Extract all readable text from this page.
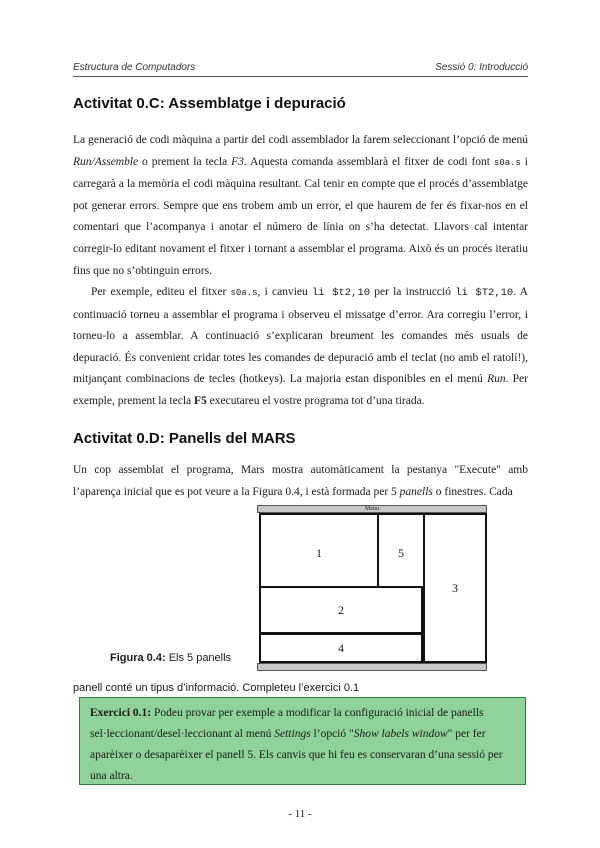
Estructura de Computadors	Sessió 0: Introducció
Activitat 0.C: Assemblatge i depuració

La generació de codi màquina a partir del codi assemblador la farem seleccionant l’opció de menú Run/Assemble o prement la tecla F3. Aquesta comanda assemblarà el fitxer de codi font s0a.s i carregarà a la memòria el codi màquina resultant. Cal tenir en compte que el procés d’assemblatge pot generar errors. Sempre que ens trobem amb un error, el que haurem de fer és fixar-nos en el comentari que l’acompanya i anotar el número de línia on s’ha detectat. Llavors cal intentar corregir-lo editant novament el fitxer i tornant a assemblar el programa. Això és un procés iteratiu fins que no s’obtinguin errors.

Per exemple, editeu el fitxer s0a.s, i canvieu li $t2,10 per la instrucció li $T2,10. A continuació torneu a assemblar el programa i observeu el missatge d’error. Ara corregiu l’error, i torneu-lo a assemblar. A continuació s’explicaran breument les comandes més usuals de depuració. És convenient cridar totes les comandes de depuració amb el teclat (no amb el ratolí!), mitjançant combinacions de tecles (hotkeys). La majoria estan disponibles en el menú Run. Per exemple, prement la tecla F5 executareu el vostre programa tot d’una tirada.

Activitat 0.D: Panells del MARS

Un cop assemblat el programa, Mars mostra automàticament la pestanya "Execute" amb l’aparença inicial que es pot veure a la Figura 0.4, i està formada per 5 panells o finestres. Cada

Menu
1	5
3
2
4
Figura 0.4: Els 5 panells

panell conté un tipus d’informació. Completeu l’exercici 0.1

Exercici 0.1: Podeu provar per exemple a modificar la configuració inicial de panells sel·leccionant/desel·leccionant al menú Settings l’opció "Show labels window" per fer aparèixer o desaparèixer el panell 5. Els canvis que hi feu es conservaran d’una sessió per una altra.
- 11 -
